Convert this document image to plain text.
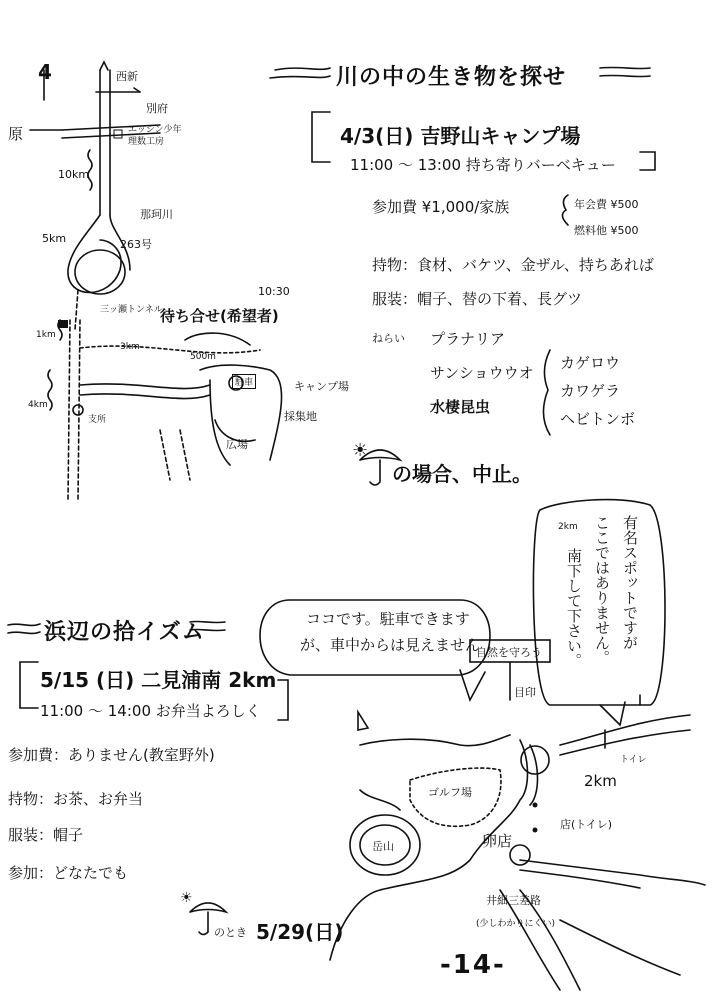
4	西新
別府
原	エッシン少年
理数工房
10km
那珂川
5km	263号
三ッ瀬トンネル
10:30
待ち合せ(希望者)
1km
3km
500m
4km
駐車	キャンプ場
採集地
広場
支所
川の中の生き物を探せ
4/3(日) 吉野山キャンプ場
11:00 〜 13:00 持ち寄りバーベキュー
参加費 ¥1,000/家族	年会費 ¥500
燃料他 ¥500
持物：食材、バケツ、金ザル、持ちあれば
服装：帽子、替の下着、長グツ
ねらい プラナリア
サンショウウオ
水棲昆虫
カゲロウ
カワゲラ
ヘビトンボ
☀
の場合、中止。
浜辺の拾イズム
5/15 (日) 二見浦南 2km
11:00 〜 14:00 お弁当よろしく
参加費：ありません(教室野外)
持物：お茶、お弁当
服装：帽子
参加：どなたでも
☀
のとき 5/29(日)
ココです。駐車できます
が、車中からは見えません	有名スポットですが
ここではありません。
南下して下さい。
2km
自然を守ろう
目印
トイレ
2km
ゴルフ場
店(トイレ)
卵店
岳山
井細三差路
(少しわかりにくい)
-14-
